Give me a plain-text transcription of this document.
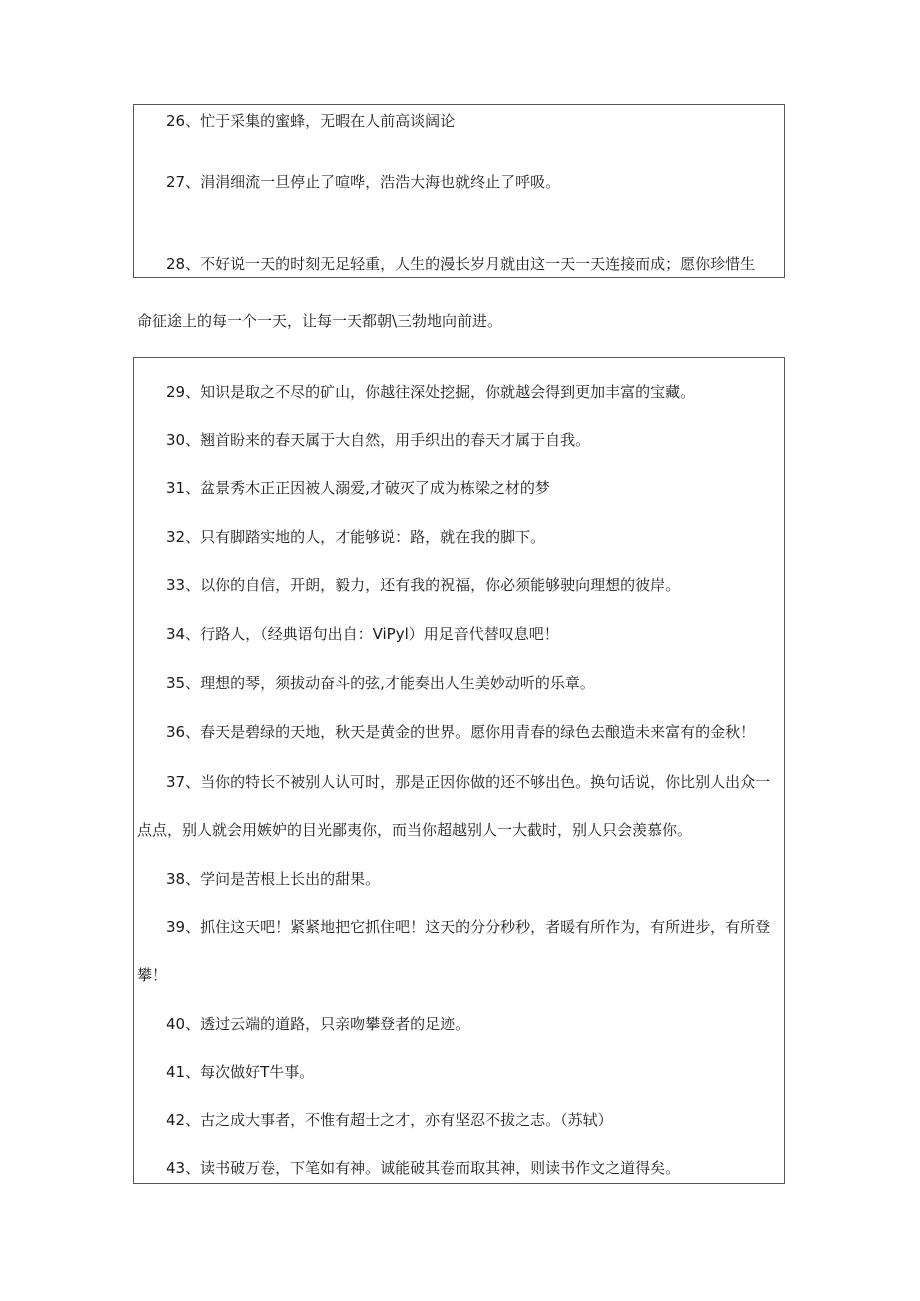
26、忙于采集的蜜蜂，无暇在人前高谈阔论
27、涓涓细流一旦停止了喧哗，浩浩大海也就终止了呼吸。
28、不好说一天的时刻无足轻重，人生的漫长岁月就由这一天一天连接而成；愿你珍惜生
命征途上的每一个一天，让每一天都朝\三勃地向前进。
29、知识是取之不尽的矿山，你越往深处挖掘，你就越会得到更加丰富的宝藏。
30、翘首盼来的春天属于大自然，用手织出的春天才属于自我。
31、盆景秀木正正因被人溺爱,才破灭了成为栋梁之材的梦
32、只有脚踏实地的人，才能够说：路，就在我的脚下。
33、以你的自信，开朗，毅力，还有我的祝福，你必须能够驶向理想的彼岸。
34、行路人，（经典语句出自：ViPyl）用足音代替叹息吧！
35、理想的琴，须拔动奋斗的弦,才能奏出人生美妙动听的乐章。
36、春天是碧绿的天地，秋天是黄金的世界。愿你用青春的绿色去酿造未来富有的金秋！
37、当你的特长不被别人认可时，那是正因你做的还不够出色。换句话说，你比别人出众一
点点，别人就会用嫉妒的目光鄙夷你，而当你超越别人一大截时，别人只会羡慕你。
38、学问是苦根上长出的甜果。
39、抓住这天吧！紧紧地把它抓住吧！这天的分分秒秒，者暖有所作为，有所进步，有所登
攀！
40、透过云端的道路，只亲吻攀登者的足迹。
41、每次做好T牛事。
42、古之成大事者，不惟有超士之才，亦有坚忍不拔之志。（苏轼）
43、读书破万卷，下笔如有神。诚能破其卷而取其神，则读书作文之道得矣。
